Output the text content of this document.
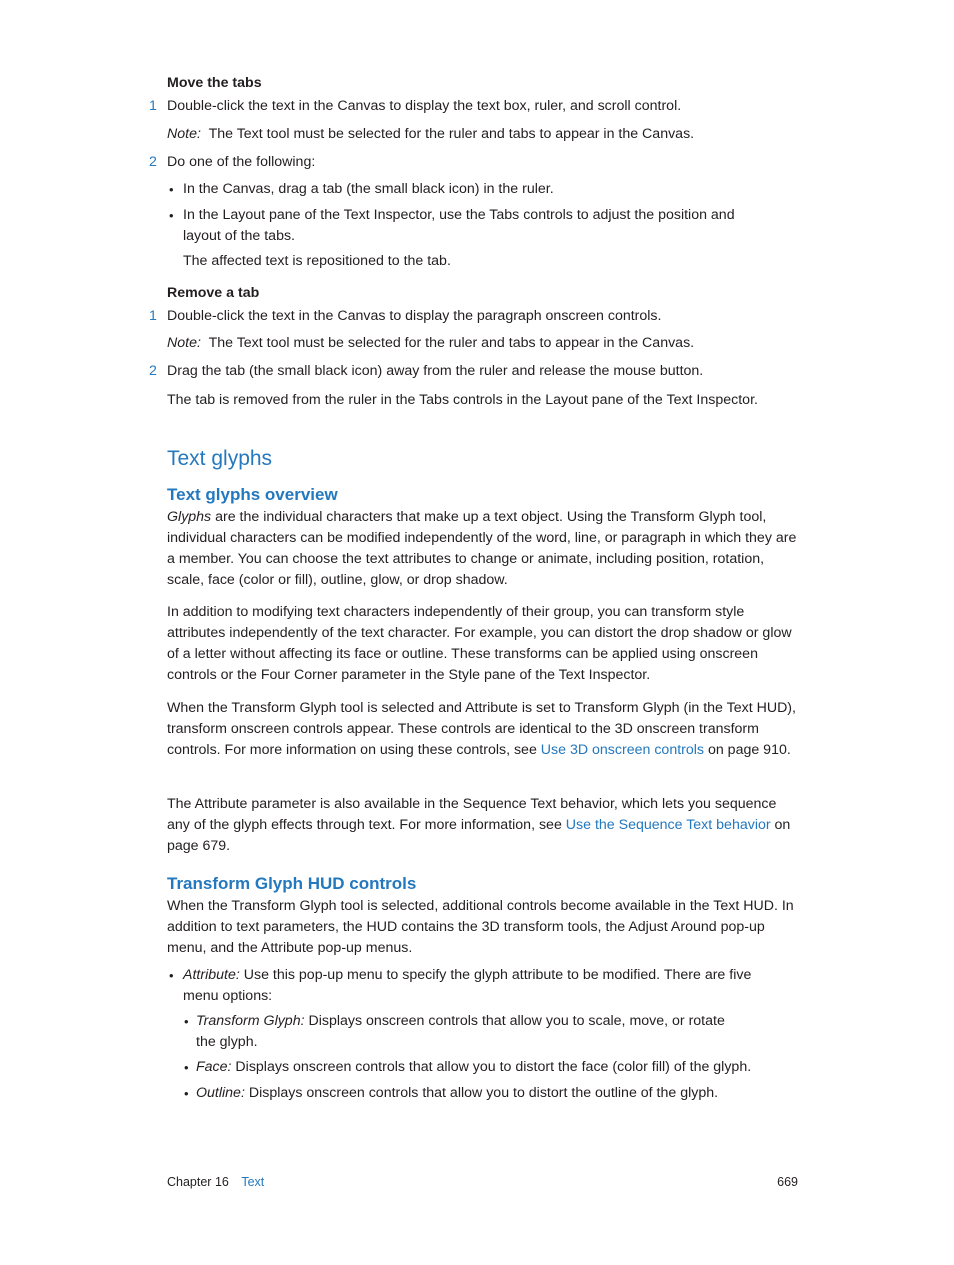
Move the tabs
1 Double-click the text in the Canvas to display the text box, ruler, and scroll control.
Note: The Text tool must be selected for the ruler and tabs to appear in the Canvas.
2 Do one of the following:
• In the Canvas, drag a tab (the small black icon) in the ruler.
• In the Layout pane of the Text Inspector, use the Tabs controls to adjust the position and layout of the tabs.
The affected text is repositioned to the tab.
Remove a tab
1 Double-click the text in the Canvas to display the paragraph onscreen controls.
Note: The Text tool must be selected for the ruler and tabs to appear in the Canvas.
2 Drag the tab (the small black icon) away from the ruler and release the mouse button.
The tab is removed from the ruler in the Tabs controls in the Layout pane of the Text Inspector.
Text glyphs
Text glyphs overview

Glyphs are the individual characters that make up a text object. Using the Transform Glyph tool, individual characters can be modified independently of the word, line, or paragraph in which they are a member. You can choose the text attributes to change or animate, including position, rotation, scale, face (color or fill), outline, glow, or drop shadow.

In addition to modifying text characters independently of their group, you can transform style attributes independently of the text character. For example, you can distort the drop shadow or glow of a letter without affecting its face or outline. These transforms can be applied using onscreen controls or the Four Corner parameter in the Style pane of the Text Inspector.

When the Transform Glyph tool is selected and Attribute is set to Transform Glyph (in the Text HUD), transform onscreen controls appear. These controls are identical to the 3D onscreen transform controls. For more information on using these controls, see Use 3D onscreen controls on page 910.

The Attribute parameter is also available in the Sequence Text behavior, which lets you sequence any of the glyph effects through text. For more information, see Use the Sequence Text behavior on page 679.

Transform Glyph HUD controls

When the Transform Glyph tool is selected, additional controls become available in the Text HUD. In addition to text parameters, the HUD contains the 3D transform tools, the Adjust Around pop-up menu, and the Attribute pop-up menus.

• Attribute: Use this pop-up menu to specify the glyph attribute to be modified. There are five menu options:
• Transform Glyph: Displays onscreen controls that allow you to scale, move, or rotate the glyph.
• Face: Displays onscreen controls that allow you to distort the face (color fill) of the glyph.
• Outline: Displays onscreen controls that allow you to distort the outline of the glyph.
Chapter 16 Text	669
